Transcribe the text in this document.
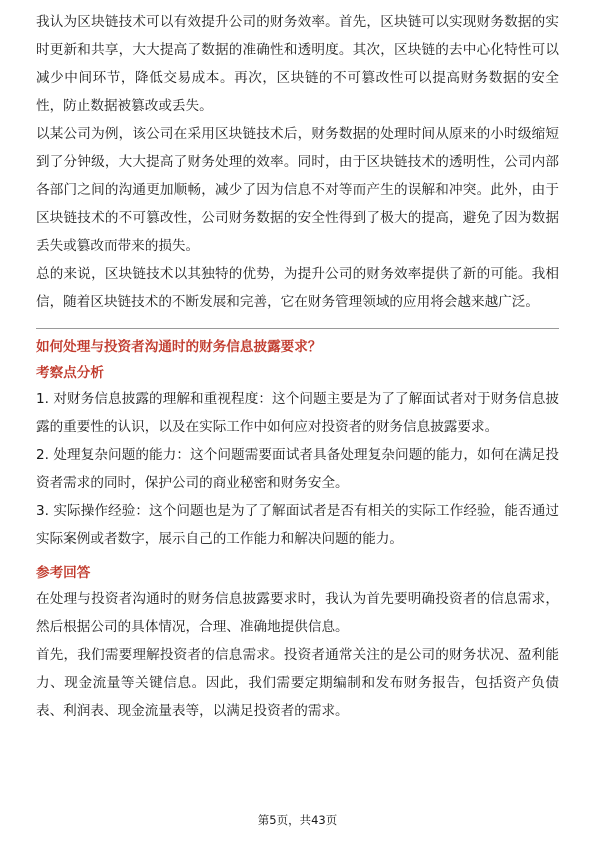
我认为区块链技术可以有效提升公司的财务效率。首先，区块链可以实现财务数据的实时更新和共享，大大提高了数据的准确性和透明度。其次，区块链的去中心化特性可以减少中间环节，降低交易成本。再次，区块链的不可篡改性可以提高财务数据的安全性，防止数据被篡改或丢失。

以某公司为例，该公司在采用区块链技术后，财务数据的处理时间从原来的小时级缩短到了分钟级，大大提高了财务处理的效率。同时，由于区块链技术的透明性，公司内部各部门之间的沟通更加顺畅，减少了因为信息不对等而产生的误解和冲突。此外，由于区块链技术的不可篡改性，公司财务数据的安全性得到了极大的提高，避免了因为数据丢失或篡改而带来的损失。

总的来说，区块链技术以其独特的优势，为提升公司的财务效率提供了新的可能。我相信，随着区块链技术的不断发展和完善，它在财务管理领域的应用将会越来越广泛。

如何处理与投资者沟通时的财务信息披露要求？

考察点分析

1. 对财务信息披露的理解和重视程度：这个问题主要是为了了解面试者对于财务信息披露的重要性的认识，以及在实际工作中如何应对投资者的财务信息披露要求。

2. 处理复杂问题的能力：这个问题需要面试者具备处理复杂问题的能力，如何在满足投资者需求的同时，保护公司的商业秘密和财务安全。

3. 实际操作经验：这个问题也是为了了解面试者是否有相关的实际工作经验，能否通过实际案例或者数字，展示自己的工作能力和解决问题的能力。

参考回答

在处理与投资者沟通时的财务信息披露要求时，我认为首先要明确投资者的信息需求，然后根据公司的具体情况，合理、准确地提供信息。

首先，我们需要理解投资者的信息需求。投资者通常关注的是公司的财务状况、盈利能力、现金流量等关键信息。因此，我们需要定期编制和发布财务报告，包括资产负债表、利润表、现金流量表等，以满足投资者的需求。

第5页，共43页
